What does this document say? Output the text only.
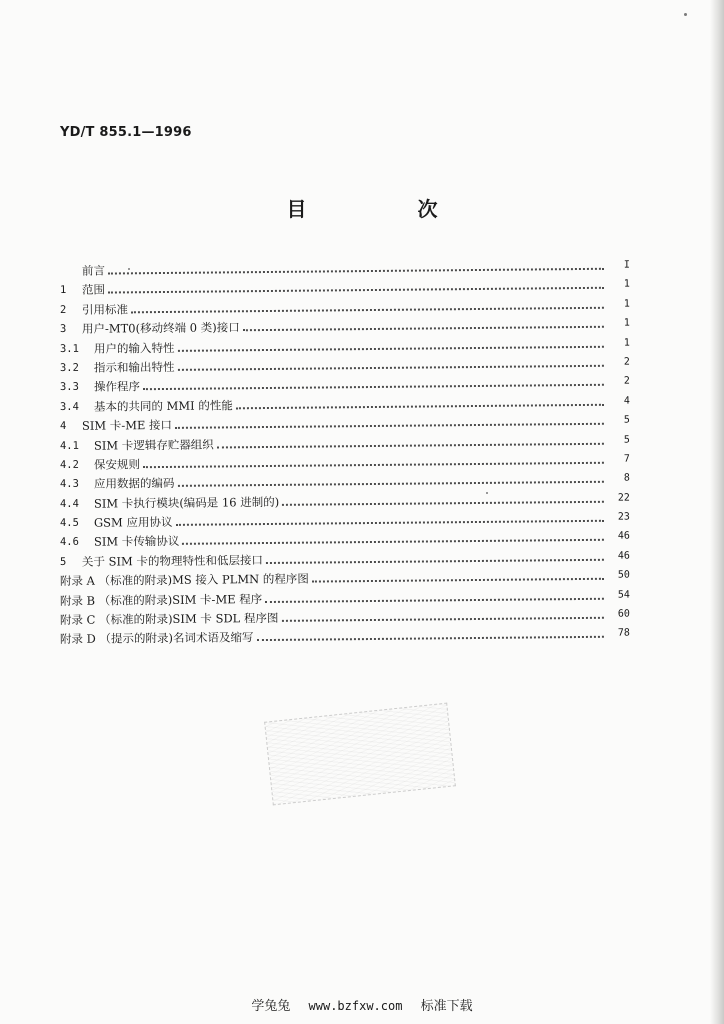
YD/T 855.1—1996
目 次
前言	I
1	范围	1
2	引用标准	1
3	用户-MT0(移动终端 0 类)接口	1
3.1	用户的输入特性	1
3.2	指示和输出特性	2
3.3	操作程序	2
3.4	基本的共同的 MMI 的性能	4
4	SIM 卡-ME 接口	5
4.1	SIM 卡逻辑存贮器组织	5
4.2	保安规则	7
4.3	应用数据的编码	8
4.4	SIM 卡执行模块(编码是 16 进制的)	22
4.5	GSM 应用协议	23
4.6	SIM 卡传输协议	46
5	关于 SIM 卡的物理特性和低层接口	46
附录 A （标准的附录)MS 接入 PLMN 的程序图	50
附录 B （标准的附录)SIM 卡-ME 程序	54
附录 C （标准的附录)SIM 卡 SDL 程序图	60
附录 D （提示的附录)名词术语及缩写	78
学兔兔 www.bzfxw.com 标准下载
